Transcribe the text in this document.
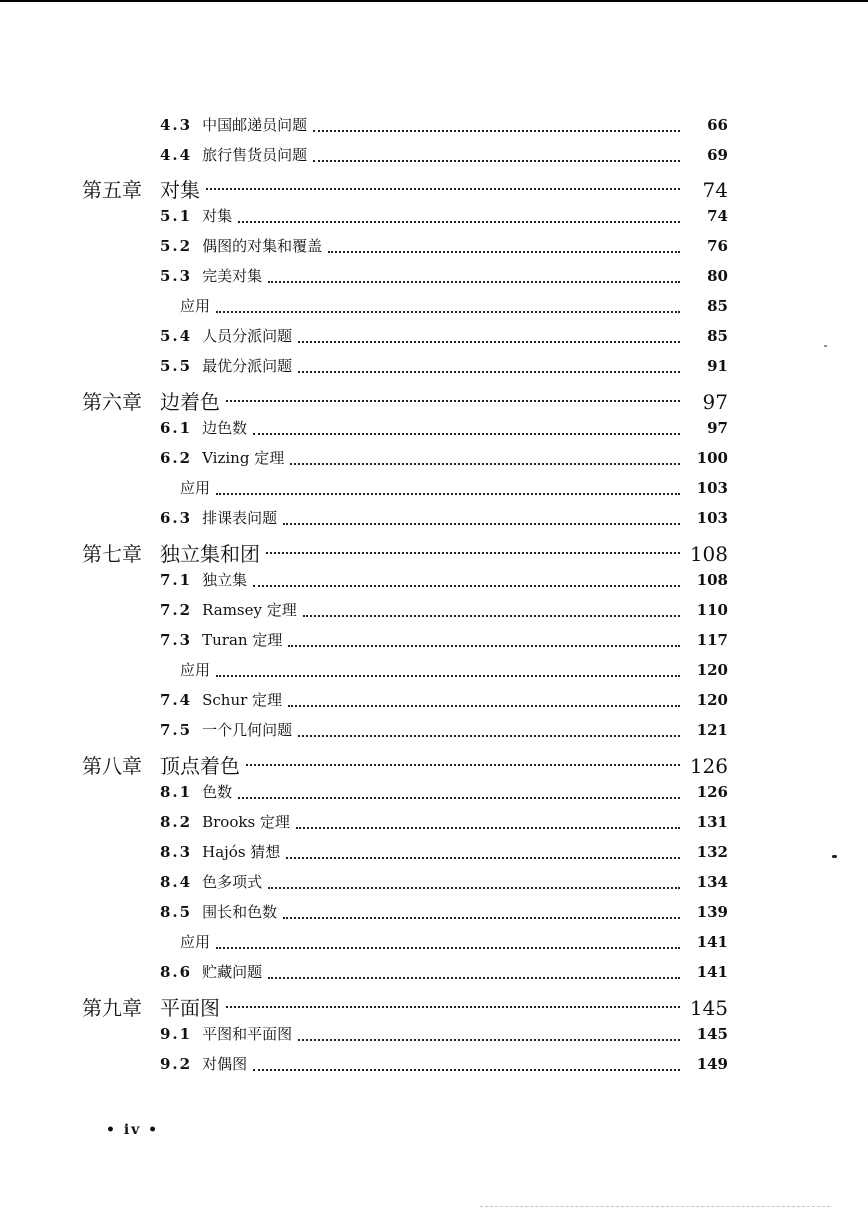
4.3 中国邮递员问题	66
4.4 旅行售货员问题	69
第五章 对集	74
5.1 对集	74
5.2 偶图的对集和覆盖	76
5.3 完美对集	80
应用	85
5.4 人员分派问题	85
5.5 最优分派问题	91
第六章 边着色	97
6.1 边色数	97
6.2 Vizing 定理	100
应用	103
6.3 排课表问题	103
第七章 独立集和团	108
7.1 独立集	108
7.2 Ramsey 定理	110
7.3 Turan 定理	117
应用	120
7.4 Schur 定理	120
7.5 一个几何问题	121
第八章 顶点着色	126
8.1 色数	126
8.2 Brooks 定理	131
8.3 Hajós 猜想	132
8.4 色多项式	134
8.5 围长和色数	139
应用	141
8.6 贮藏问题	141
第九章 平面图	145
9.1 平图和平面图	145
9.2 对偶图	149
• iv •
